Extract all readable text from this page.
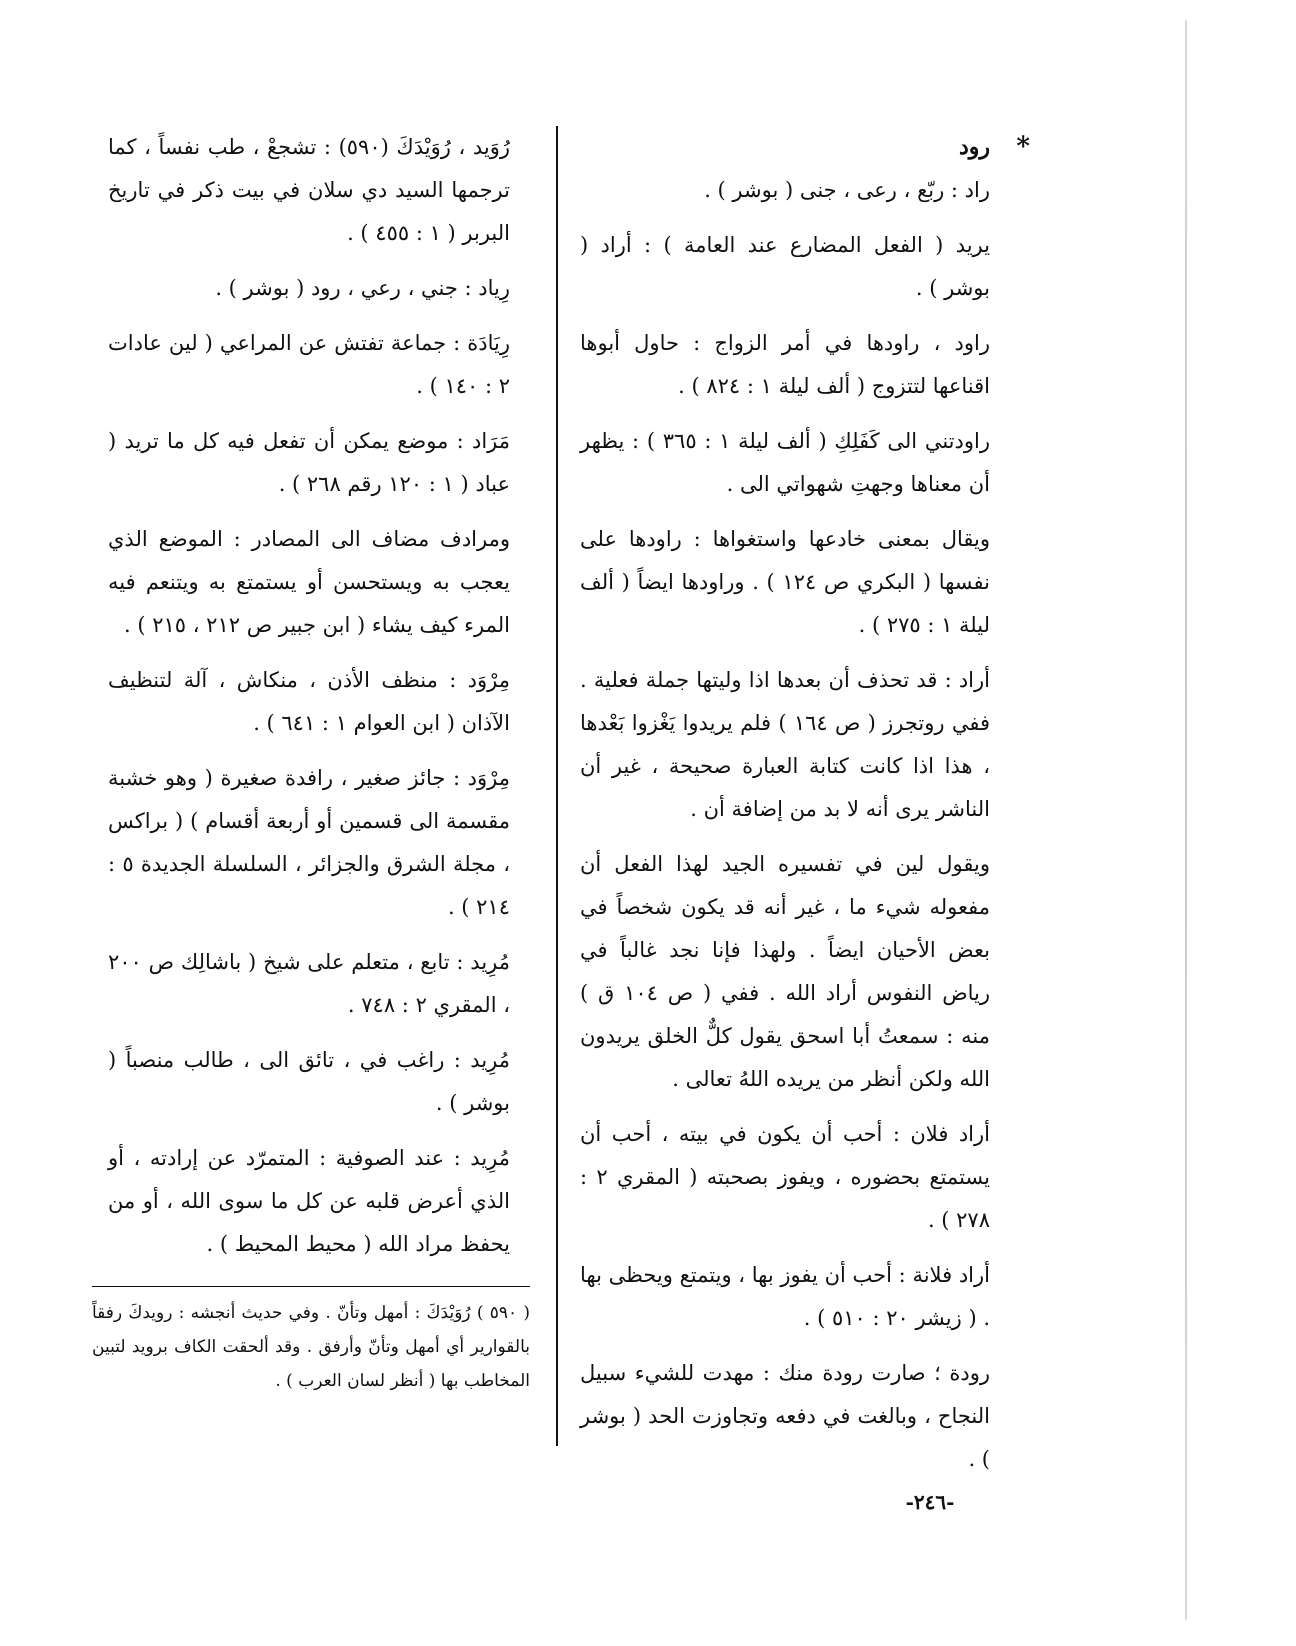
*
رود

راد : ربّع ، رعى ، جنى ( بوشر ) .

يريد ( الفعل المضارع عند العامة ) : أراد ( بوشر ) .

راود ، راودها في أمر الزواج : حاول أبوها اقناعها لتتزوج ( ألف ليلة ١ : ٨٢٤ ) .

راودتني الى كَفَلِكِ ( ألف ليلة ١ : ٣٦٥ ) : يظهر أن معناها وجهتِ شهواتي الى .

ويقال بمعنى خادعها واستغواها : راودها على نفسها ( البكري ص ١٢٤ ) . وراودها ايضاً ( ألف ليلة ١ : ٢٧٥ ) .

أراد : قد تحذف أن بعدها اذا وليتها جملة فعلية . ففي روتجرز ( ص ١٦٤ ) فلم يريدوا يَغْزوا بَعْدها ، هذا اذا كانت كتابة العبارة صحيحة ، غير أن الناشر يرى أنه لا بد من إضافة أن .

ويقول لين في تفسيره الجيد لهذا الفعل أن مفعوله شيء ما ، غير أنه قد يكون شخصاً في بعض الأحيان ايضاً . ولهذا فإنا نجد غالباً في رياض النفوس أراد الله . ففي ( ص ١٠٤ ق ) منه : سمعتُ أبا اسحق يقول كلٌّ الخلق يريدون الله ولكن أنظر من يريده اللهُ تعالى .

أراد فلان : أحب أن يكون في بيته ، أحب أن يستمتع بحضوره ، ويفوز بصحبته ( المقري ٢ : ٢٧٨ ) .

أراد فلانة : أحب أن يفوز بها ، ويتمتع ويحظى بها . ( زيشر ٢٠ : ٥١٠ ) .

رودة ؛ صارت رودة منك : مهدت للشيء سبيل النجاح ، وبالغت في دفعه وتجاوزت الحد ( بوشر ) .

رُوَيد ، رُوَيْدَكَ (٥٩٠) : تشجعْ ، طب نفساً ، كما ترجمها السيد دي سلان في بيت ذكر في تاريخ البربر ( ١ : ٤٥٥ ) .

رِياد : جني ، رعي ، رود ( بوشر ) .

رِيَادَة : جماعة تفتش عن المراعي ( لين عادات ٢ : ١٤٠ ) .

مَرَاد : موضع يمكن أن تفعل فيه كل ما تريد ( عباد ( ١ : ١٢٠ رقم ٢٦٨ ) .

ومرادف مضاف الى المصادر : الموضع الذي يعجب به ويستحسن أو يستمتع به ويتنعم فيه المرء كيف يشاء ( ابن جبير ص ٢١٢ ، ٢١٥ ) .

مِرْوَد : منظف الأذن ، منكاش ، آلة لتنظيف الآذان ( ابن العوام ١ : ٦٤١ ) .

مِرْوَد : جائز صغير ، رافدة صغيرة ( وهو خشبة مقسمة الى قسمين أو أربعة أقسام ) ( براكس ، مجلة الشرق والجزائر ، السلسلة الجديدة ٥ : ٢١٤ ) .

مُرِيد : تابع ، متعلم على شيخ ( باشالِك ص ٢٠٠ ، المقري ٢ : ٧٤٨ .

مُرِيد : راغب في ، تائق الى ، طالب منصباً ( بوشر ) .

مُرِيد : عند الصوفية : المتمرّد عن إرادته ، أو الذي أعرض قلبه عن كل ما سوى الله ، أو من يحفظ مراد الله ( محيط المحيط ) .

( ٥٩٠ ) رُوَيْدَكَ : أمهل وتأنّ . وفي حديث أنجشه : رويدكَ رفقاً بالقوارير أي أمهل وتأنّ وأرفق . وقد ألحقت الكاف برويد لتبين المخاطب بها ( أنظر لسان العرب ) .
-٢٤٦-
